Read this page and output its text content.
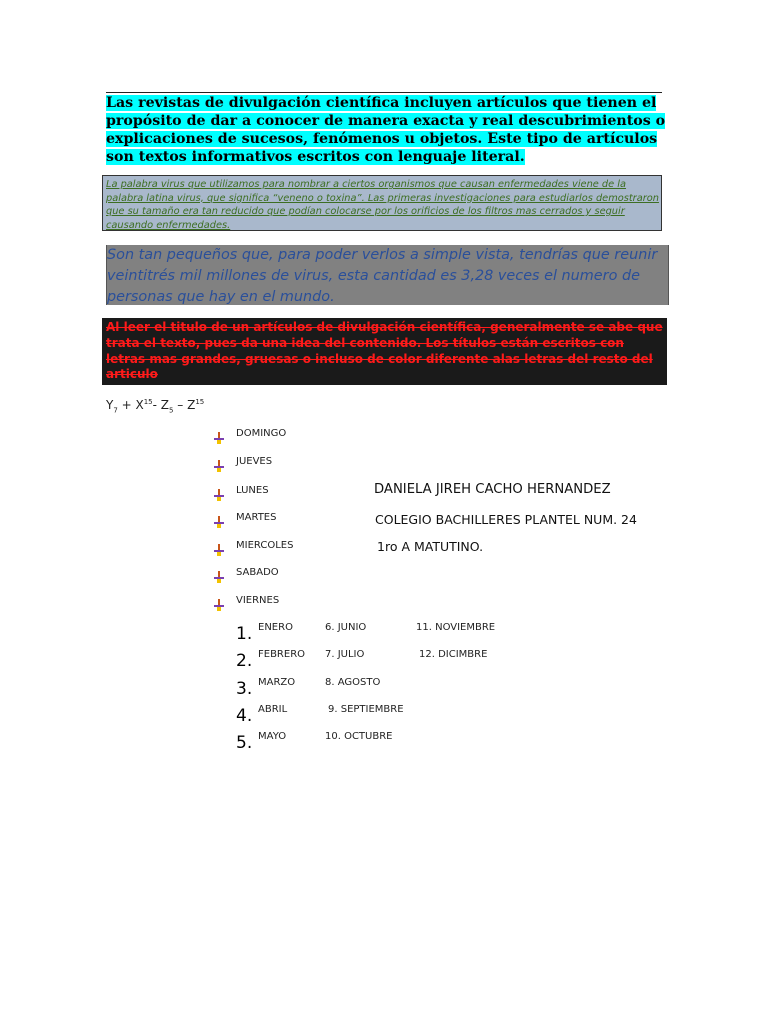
Las revistas de divulgación científica incluyen artículos que tienen el propósito de dar a conocer de manera exacta y real descubrimientos o explicaciones de sucesos, fenómenos u objetos. Este tipo de artículos son textos informativos escritos con lenguaje literal.

La palabra virus que utilizamos para nombrar a ciertos organismos que causan enfermedades viene de la palabra latina virus, que significa “veneno o toxina”. Las primeras investigaciones para estudiarlos demostraron que su tamaño era tan reducido que podían colocarse por los orificios de los filtros mas cerrados y seguir causando enfermedades.

Son tan pequeños que, para poder verlos a simple vista, tendrías que reunir veintitrés mil millones de virus, esta cantidad es 3,28 veces el numero de personas que hay en el mundo.

Al leer el titulo de un artículos de divulgación científica, generalmente se abe que trata el texto, pues da una idea del contenido. Los títulos están escritos con letras mas grandes, gruesas o incluso de color diferente alas letras del resto del articulo

$Y_7 + X^{15}-$ $Z_5 - Z^{15}$
DOMINGO
JUEVES
LUNES
MARTES
MIERCOLES
SABADO
VIERNES
DANIELA JIREH CACHO HERNANDEZ
COLEGIO BACHILLERES PLANTEL NUM. 24
1ro A MATUTINO.
1.
2.
3.
4.
5.
ENERO
FEBRERO
MARZO
ABRIL
MAYO
6. JUNIO
7. JULIO
8. AGOSTO
9. SEPTIEMBRE
10. OCTUBRE
11. NOVIEMBRE
12. DICIMBRE
